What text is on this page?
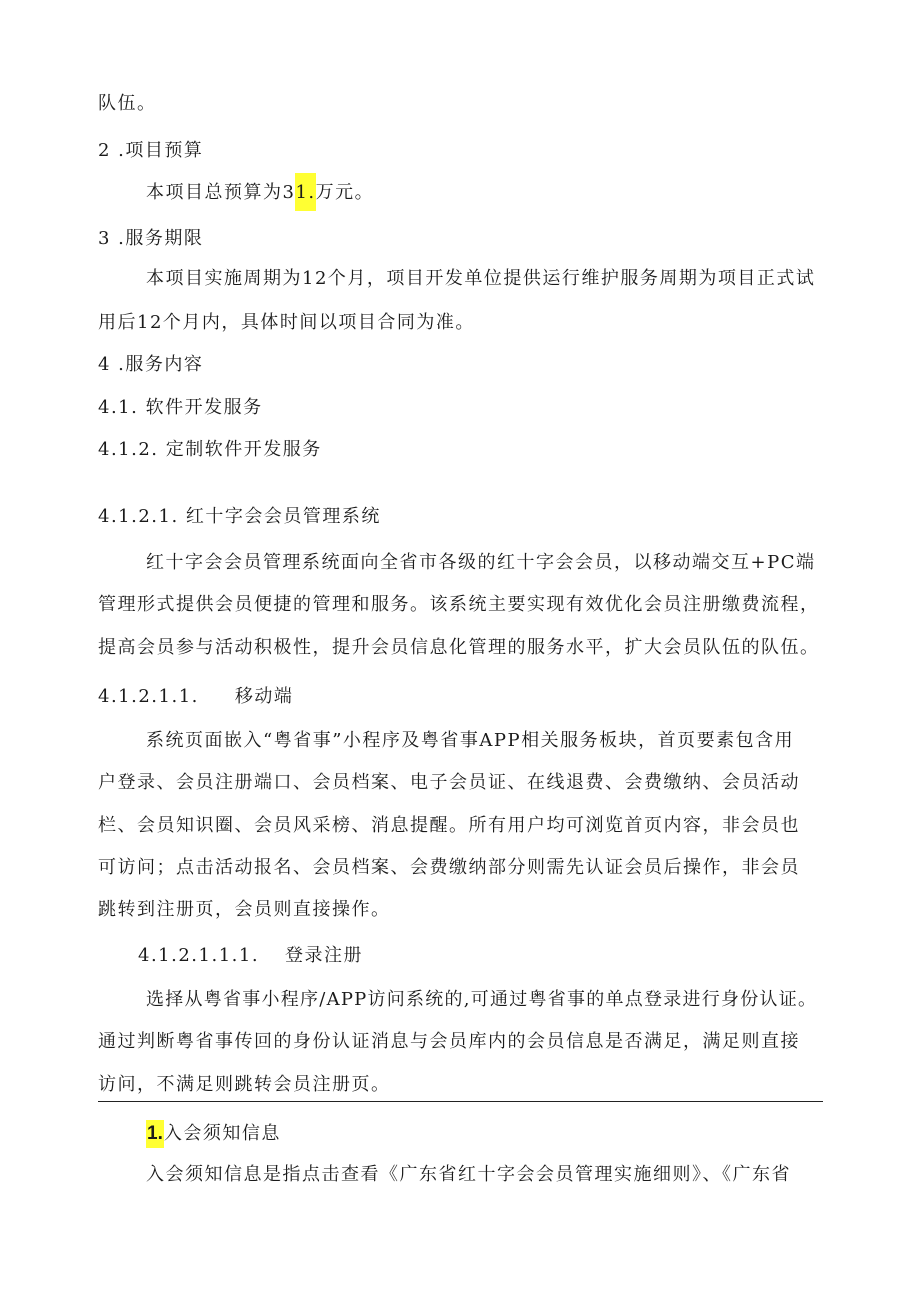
队伍。
2 .项目预算
本项目总预算为31.万元。
3 .服务期限
本项目实施周期为12个月，项目开发单位提供运行维护服务周期为项目正式试
用后12个月内，具体时间以项目合同为准。
4 .服务内容
4.1. 软件开发服务
4.1.2. 定制软件开发服务
4.1.2.1. 红十字会会员管理系统
红十字会会员管理系统面向全省市各级的红十字会会员，以移动端交互+PC端
管理形式提供会员便捷的管理和服务。该系统主要实现有效优化会员注册缴费流程，
提高会员参与活动积极性，提升会员信息化管理的服务水平，扩大会员队伍的队伍。
4.1.2.1.1. 移动端
系统页面嵌入“粤省事”小程序及粤省事APP相关服务板块，首页要素包含用
户登录、会员注册端口、会员档案、电子会员证、在线退费、会费缴纳、会员活动
栏、会员知识圈、会员风采榜、消息提醒。所有用户均可浏览首页内容，非会员也
可访问；点击活动报名、会员档案、会费缴纳部分则需先认证会员后操作，非会员
跳转到注册页，会员则直接操作。
4.1.2.1.1.1. 登录注册
选择从粤省事小程序/APP访问系统的,可通过粤省事的单点登录进行身份认证。
通过判断粤省事传回的身份认证消息与会员库内的会员信息是否满足，满足则直接
访问，不满足则跳转会员注册页。
1.入会须知信息
入会须知信息是指点击查看《广东省红十字会会员管理实施细则》、《广东省
